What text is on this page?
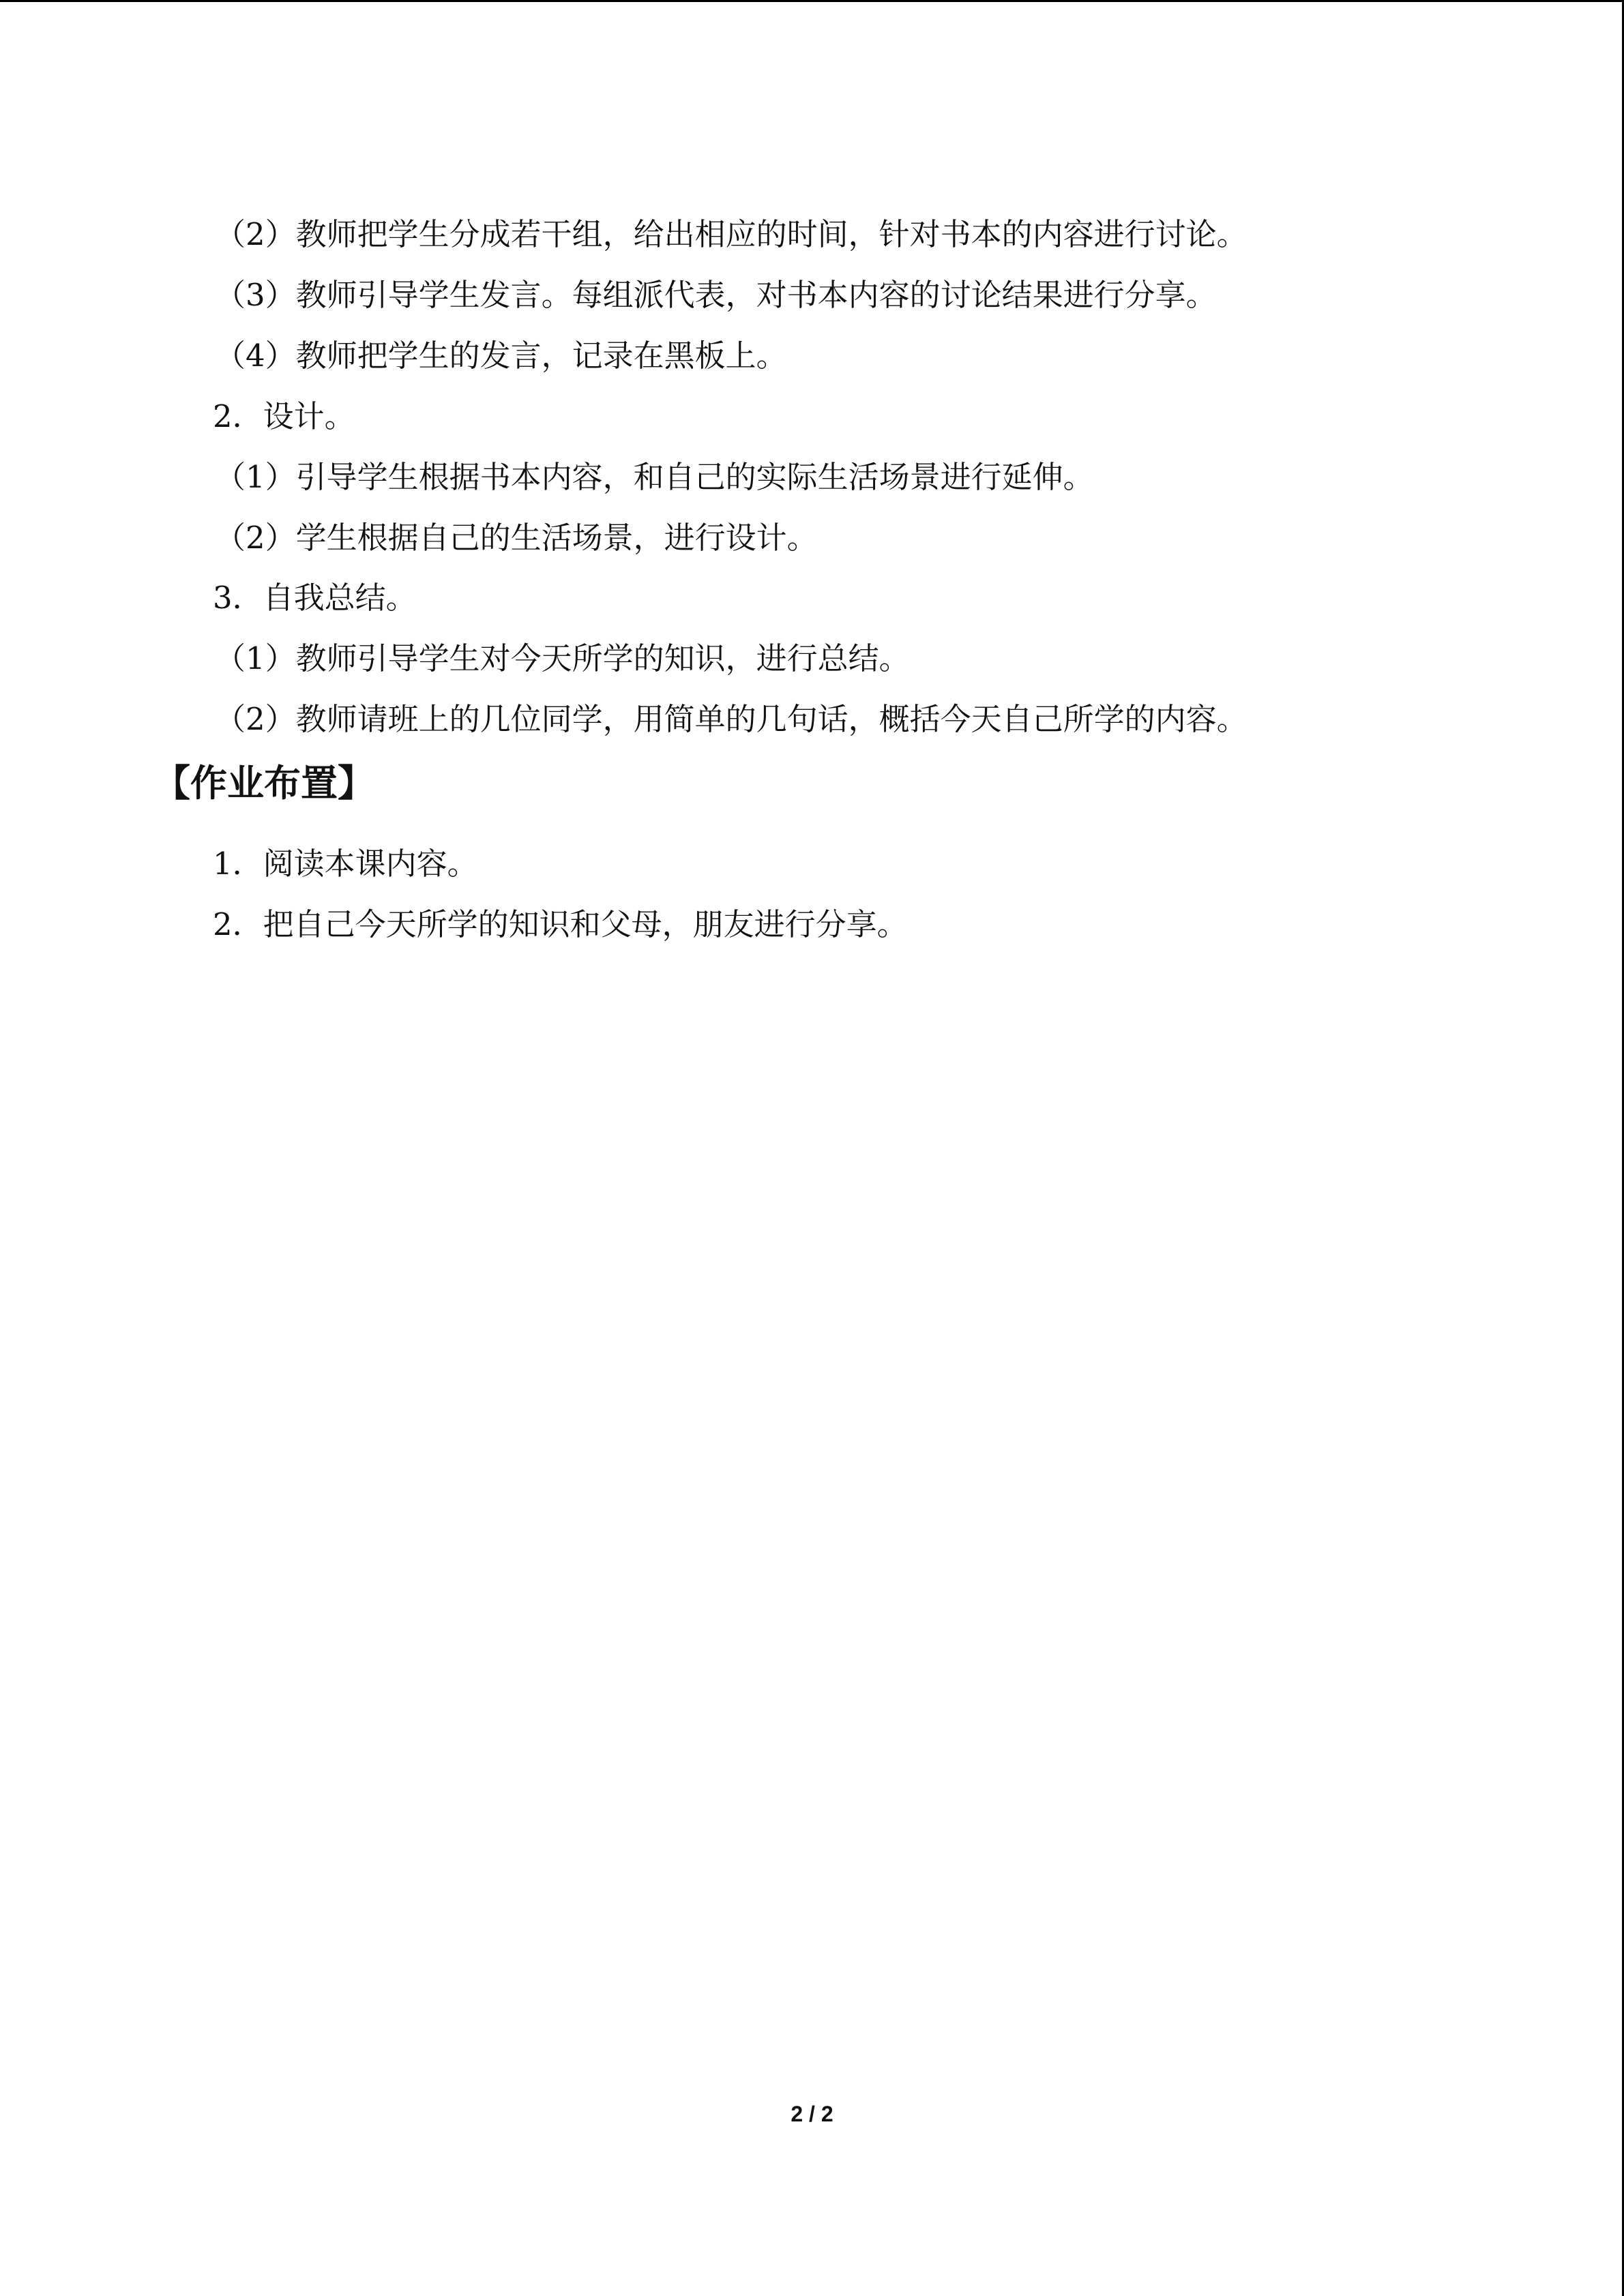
（2）教师把学生分成若干组，给出相应的时间，针对书本的内容进行讨论。
（3）教师引导学生发言。每组派代表，对书本内容的讨论结果进行分享。
（4）教师把学生的发言，记录在黑板上。
2．设计。
（1）引导学生根据书本内容，和自己的实际生活场景进行延伸。
（2）学生根据自己的生活场景，进行设计。
3．自我总结。
（1）教师引导学生对今天所学的知识，进行总结。
（2）教师请班上的几位同学，用简单的几句话，概括今天自己所学的内容。
【作业布置】
1．阅读本课内容。
2．把自己今天所学的知识和父母，朋友进行分享。
2 / 2
